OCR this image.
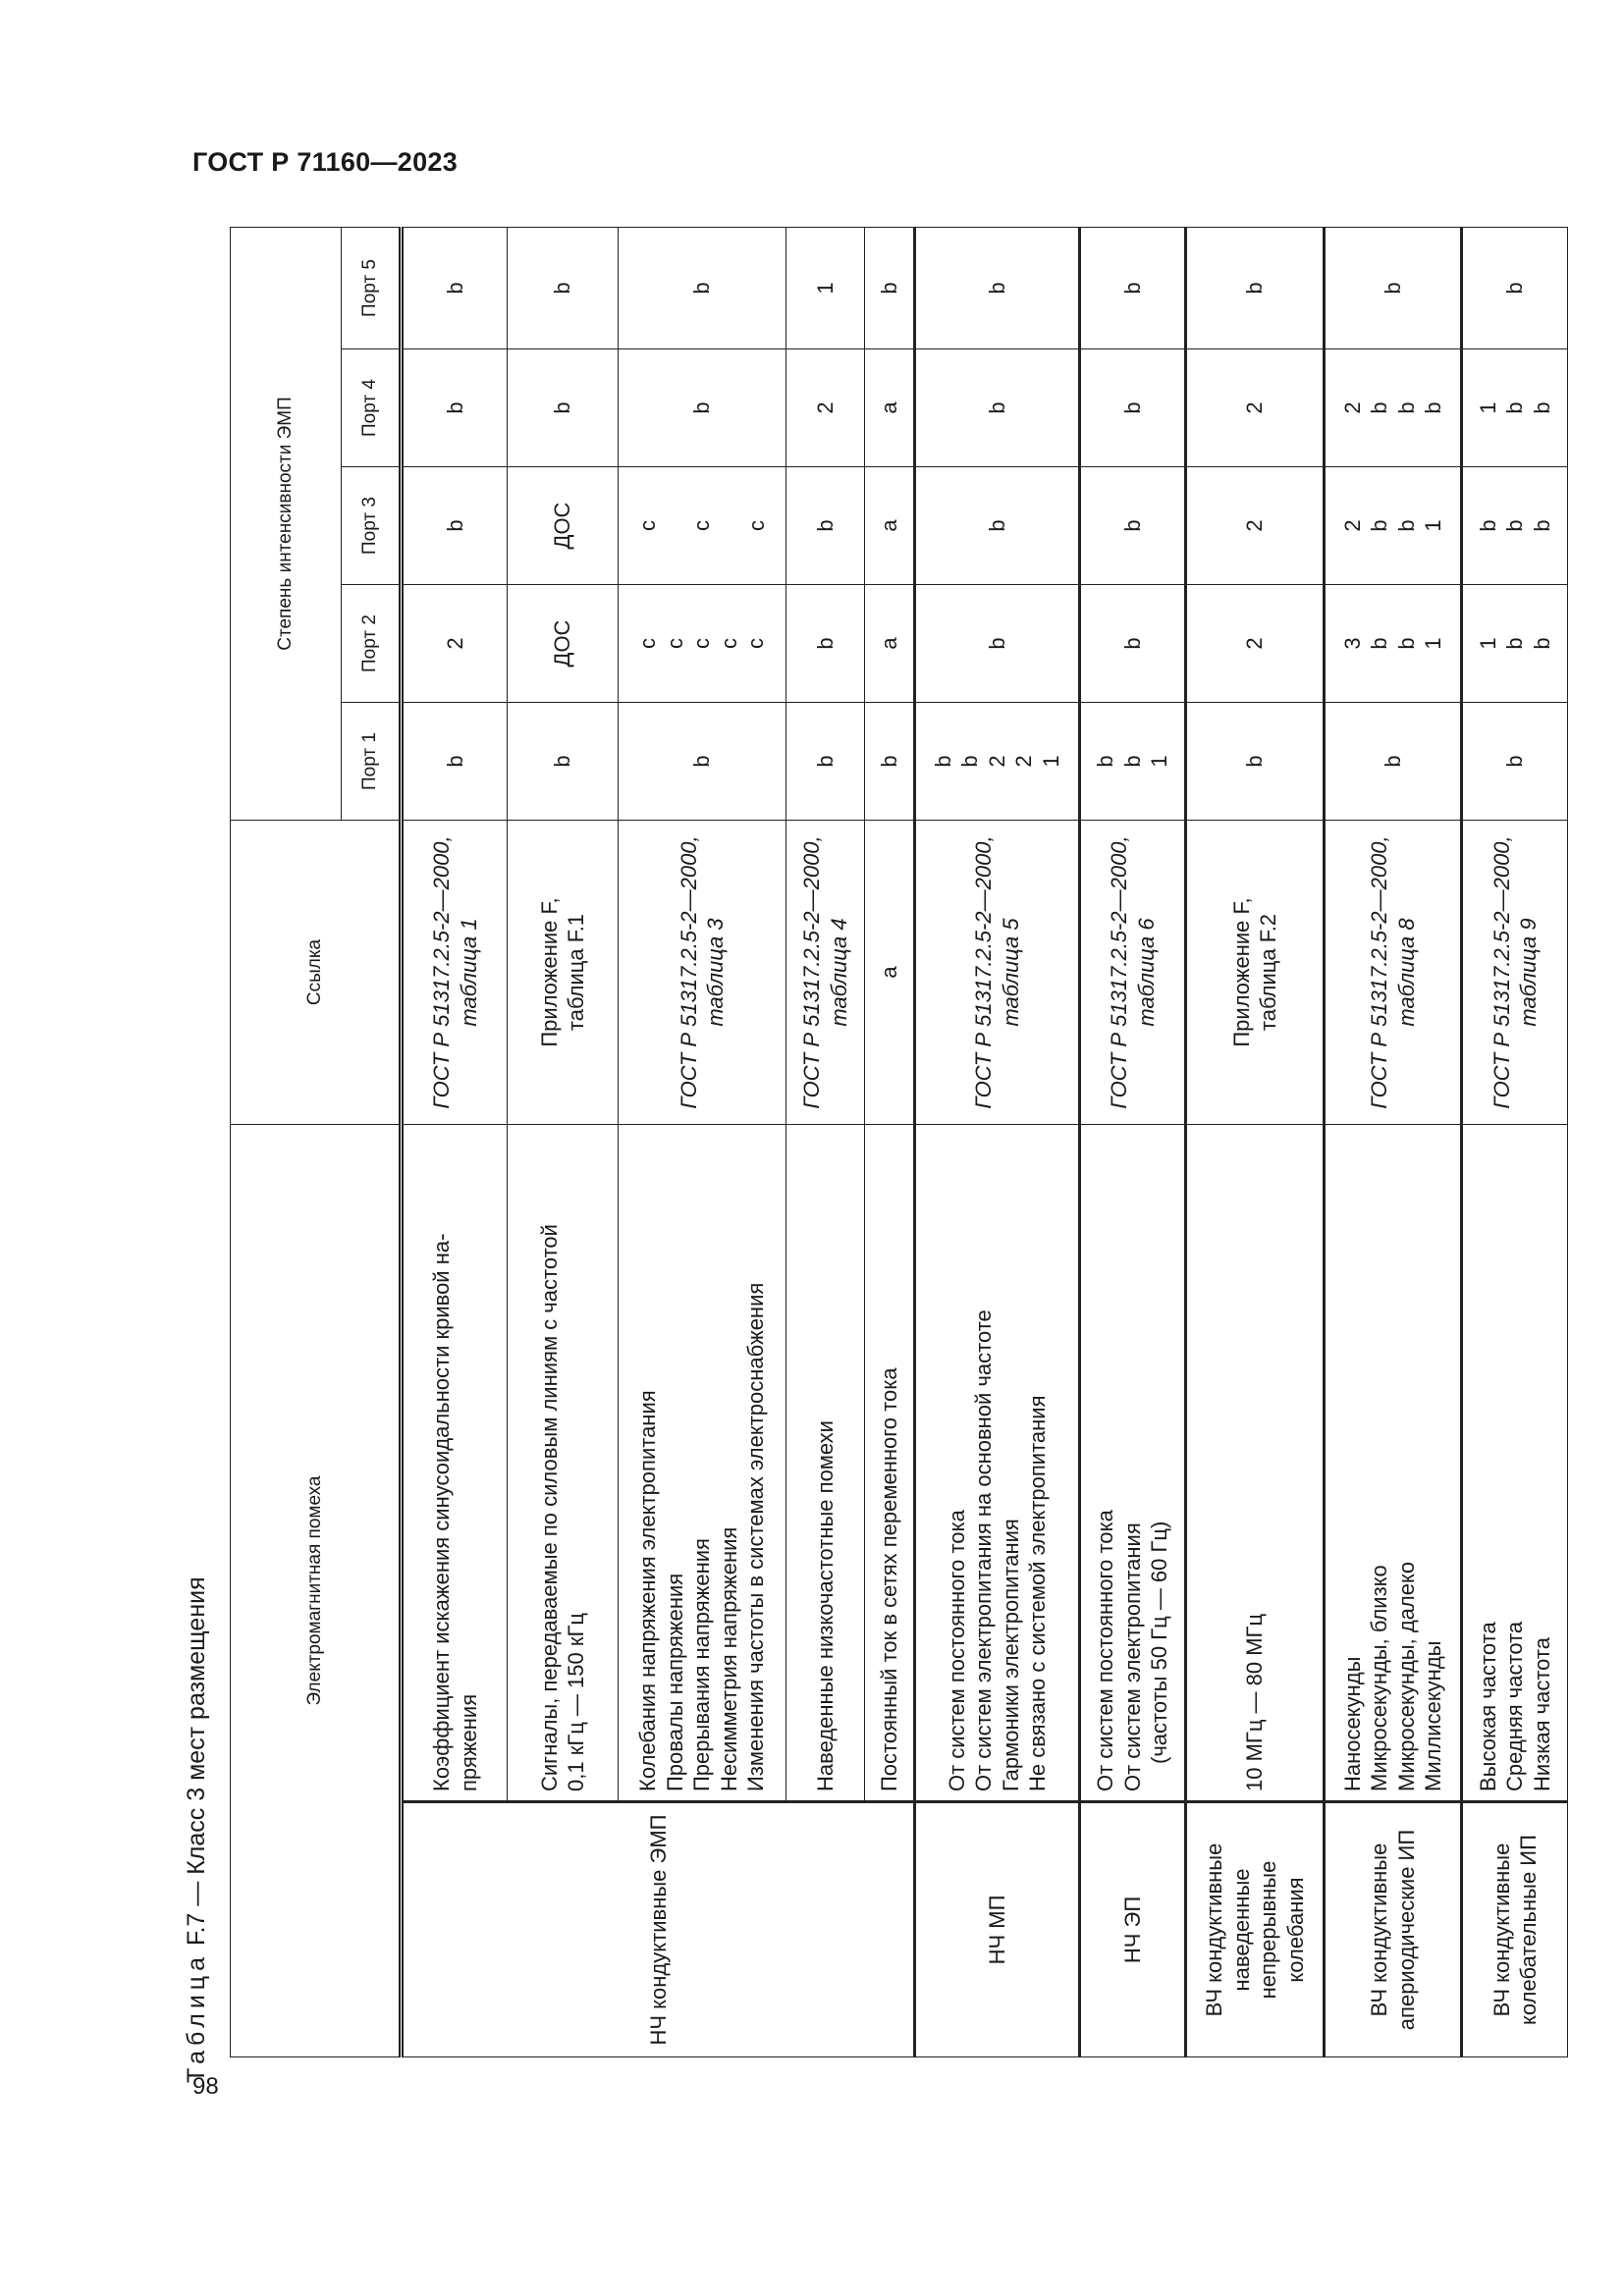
ГОСТ Р 71160—2023
98
Таблица F.7 — Класс 3 мест размещения	Электромагнитная помеха		Ссылка	Степень интенсивности ЭМП				
			Порт 1	Порт 2	Порт 3	Порт 4	Порт 5
НЧ кондуктивные ЭМП	Коэффициент искажения синусоидальности кривой на- пряжения	ГОСТ Р 51317.2.5-2—2000, таблица 1	b	2	b	b	b

	Сигналы, передаваемые по силовым линиям с частотой 0,1 кГц — 150 кГц	Приложение F, таблица F.1	b	ДОС	ДОС	b	b

	Колебания напряжения электропитания Провалы напряжения Прерывания напряжения Несимметрия напряжения Изменения частоты в системах электроснабжения	ГОСТ Р 51317.2.5-2—2000, таблица 3	b	c c c c c	c c c	b	b

	Наведенные низкочастотные помехи	ГОСТ Р 51317.2.5-2—2000, таблица 4	b	b	b	2	1

	Постоянный ток в сетях переменного тока	a	b	a	a	a	b

НЧ МП	От систем постоянного тока От систем электропитания на основной частоте Гармоники электропитания Не связано с системой электропитания	ГОСТ Р 51317.2.5-2—2000, таблица 5	b b 2 2 1	b	b	b	b

НЧ ЭП	От систем постоянного тока От систем электропитания (частоты 50 Гц — 60 Гц)	ГОСТ Р 51317.2.5-2—2000, таблица 6	b b 1	b	b	b	b

ВЧ кондуктивные наведенные непрерывные колебания	10 МГц — 80 МГц	Приложение F, таблица F.2	b	2	2	2	b

ВЧ кондуктивные апериодические ИП	Наносекунды Микросекунды, близко Микросекунды, далеко Миллисекунды	ГОСТ Р 51317.2.5-2—2000, таблица 8	b	3 b b 1	2 b b 1	2 b b b	b

ВЧ кондуктивные колебательные ИП	Высокая частота Средняя частота Низкая частота	ГОСТ Р 51317.2.5-2—2000, таблица 9	b	1 b b	b b b	1 b b	b
